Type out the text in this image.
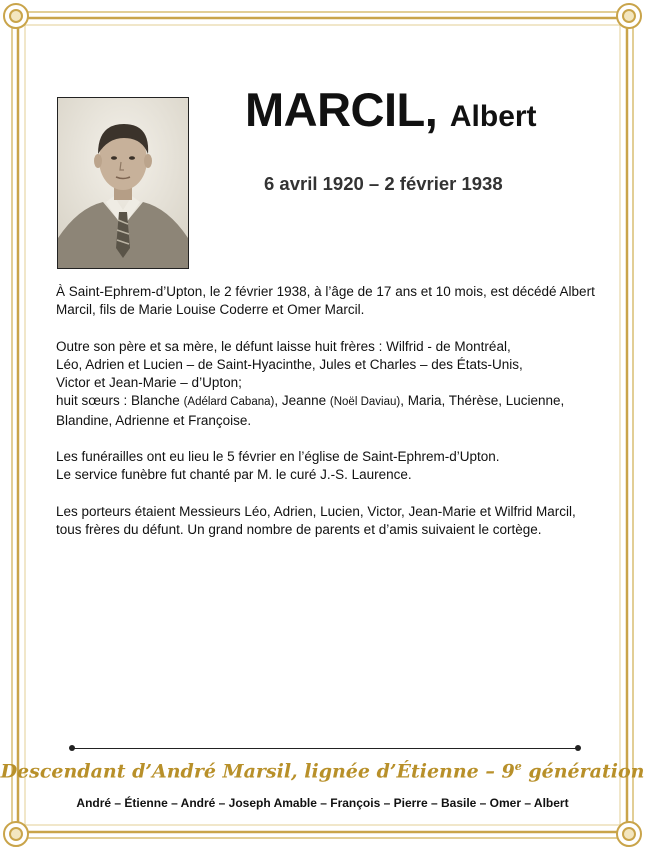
MARCIL, Albert
6 avril 1920 – 2 février 1938

À Saint-Ephrem-d’Upton, le 2 février 1938, à l’âge de 17 ans et 10 mois, est décédé Albert Marcil, fils de Marie Louise Coderre et Omer Marcil.

Outre son père et sa mère, le défunt laisse huit frères : Wilfrid - de Montréal,
Léo, Adrien et Lucien – de Saint-Hyacinthe, Jules et Charles – des États-Unis,
Victor et Jean-Marie – d’Upton;
huit sœurs : Blanche (Adélard Cabana), Jeanne (Noël Daviau), Maria, Thérèse, Lucienne,
Blandine, Adrienne et Françoise.

Les funérailles ont eu lieu le 5 février en l’église de Saint-Ephrem-d’Upton.
Le service funèbre fut chanté par M. le curé J.-S. Laurence.

Les porteurs étaient Messieurs Léo, Adrien, Lucien, Victor, Jean-Marie et Wilfrid Marcil, tous frères du défunt. Un grand nombre de parents et d’amis suivaient le cortège.

Descendant d’André Marsil, lignée d’Étienne – 9e génération
André – Étienne – André – Joseph Amable – François – Pierre – Basile – Omer – Albert
